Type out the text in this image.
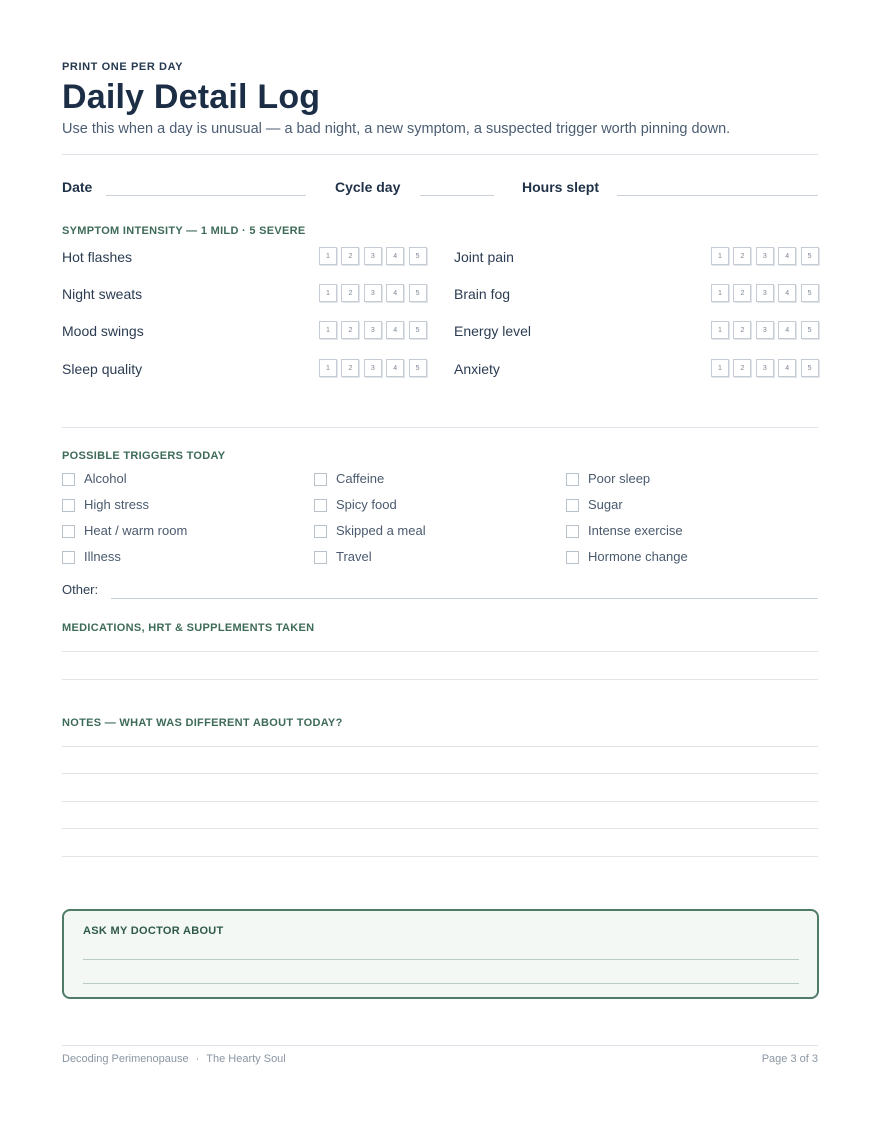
PRINT ONE PER DAY
Daily Detail Log
Use this when a day is unusual — a bad night, a new symptom, a suspected trigger worth pinning down.
Date	Cycle day	Hours slept
SYMPTOM INTENSITY — 1 MILD · 5 SEVERE
Hot flashes	1	2	3	4	5
Night sweats	1	2	3	4	5
Mood swings	1	2	3	4	5
Sleep quality	1	2	3	4	5
Joint pain	1	2	3	4	5
Brain fog	1	2	3	4	5
Energy level	1	2	3	4	5
Anxiety	1	2	3	4	5
POSSIBLE TRIGGERS TODAY
Alcohol
High stress
Heat / warm room
Illness
Caffeine
Spicy food
Skipped a meal
Travel
Poor sleep
Sugar
Intense exercise
Hormone change
Other:
MEDICATIONS, HRT & SUPPLEMENTS TAKEN
NOTES — WHAT WAS DIFFERENT ABOUT TODAY?
ASK MY DOCTOR ABOUT
Decoding Perimenopause · The Hearty Soul	Page 3 of 3
